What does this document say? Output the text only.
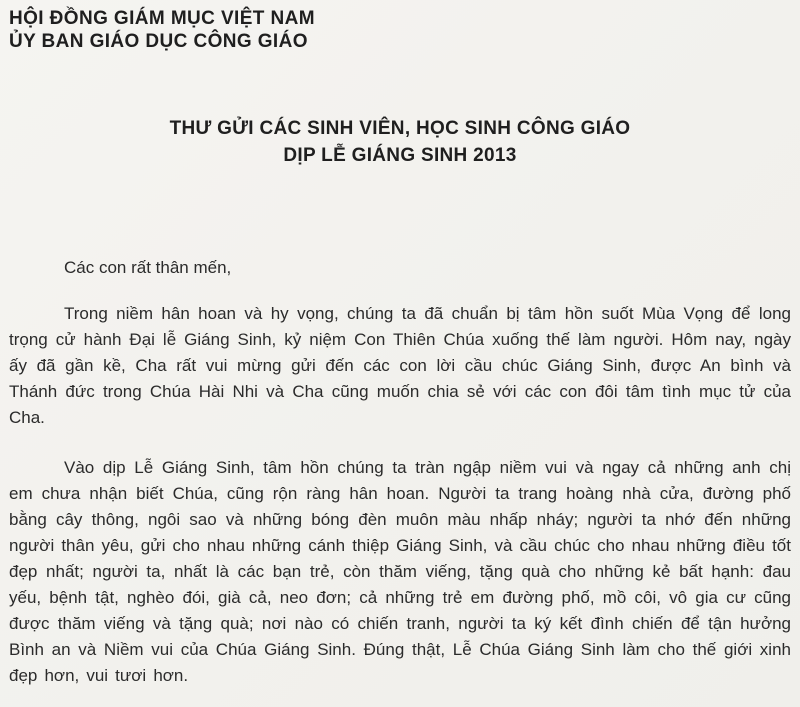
HỘI ĐỒNG GIÁM MỤC VIỆT NAM
ỦY BAN GIÁO DỤC CÔNG GIÁO
THƯ GỬI CÁC SINH VIÊN, HỌC SINH CÔNG GIÁO
DỊP LỄ GIÁNG SINH 2013
Các con rất thân mến,

Trong niềm hân hoan và hy vọng, chúng ta đã chuẩn bị tâm hồn suốt Mùa Vọng để long trọng cử hành Đại lễ Giáng Sinh, kỷ niệm Con Thiên Chúa xuống thế làm người. Hôm nay, ngày ấy đã gần kề, Cha rất vui mừng gửi đến các con lời cầu chúc Giáng Sinh, được An bình và Thánh đức trong Chúa Hài Nhi và Cha cũng muốn chia sẻ với các con đôi tâm tình mục tử của Cha.

Vào dịp Lễ Giáng Sinh, tâm hồn chúng ta tràn ngập niềm vui và ngay cả những anh chị em chưa nhận biết Chúa, cũng rộn ràng hân hoan. Người ta trang hoàng nhà cửa, đường phố bằng cây thông, ngôi sao và những bóng đèn muôn màu nhấp nháy; người ta nhớ đến những người thân yêu, gửi cho nhau những cánh thiệp Giáng Sinh, và cầu chúc cho nhau những điều tốt đẹp nhất; người ta, nhất là các bạn trẻ, còn thăm viếng, tặng quà cho những kẻ bất hạnh: đau yếu, bệnh tật, nghèo đói, già cả, neo đơn; cả những trẻ em đường phố, mồ côi, vô gia cư cũng được thăm viếng và tặng quà; nơi nào có chiến tranh, người ta ký kết đình chiến để tận hưởng Bình an và Niềm vui của Chúa Giáng Sinh. Đúng thật, Lễ Chúa Giáng Sinh làm cho thế giới xinh đẹp hơn, vui tươi hơn.
